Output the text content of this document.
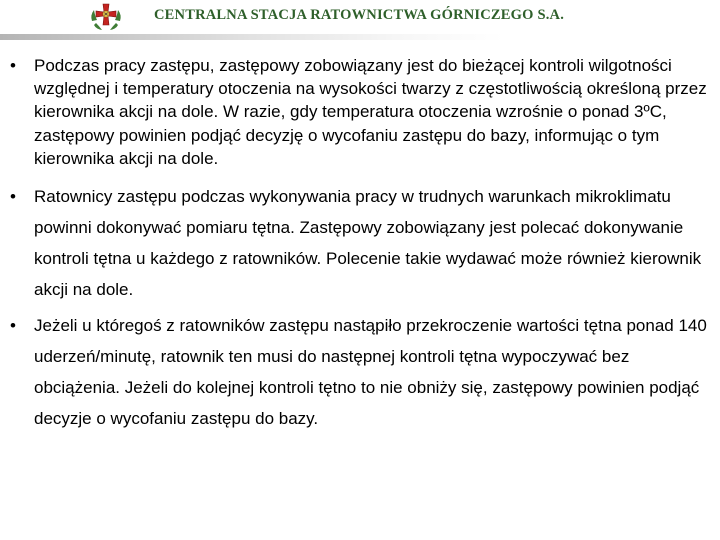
CENTRALNA STACJA RATOWNICTWA GÓRNICZEGO S.A.
• Podczas pracy zastępu, zastępowy zobowiązany jest do bieżącej kontroli wilgotności względnej i temperatury otoczenia na wysokości twarzy z częstotliwością określoną przez kierownika akcji na dole. W razie, gdy temperatura otoczenia wzrośnie o ponad 3ºC, zastępowy powinien podjąć decyzję o wycofaniu zastępu do bazy, informując o tym kierownika akcji na dole.
• Ratownicy zastępu podczas wykonywania pracy w trudnych warunkach mikroklimatu powinni dokonywać pomiaru tętna. Zastępowy zobowiązany jest polecać dokonywanie kontroli tętna u każdego z ratowników. Polecenie takie wydawać może również kierownik akcji na dole.
• Jeżeli u któregoś z ratowników zastępu nastąpiło przekroczenie wartości tętna ponad 140 uderzeń/minutę, ratownik ten musi do następnej kontroli tętna wypoczywać bez obciążenia. Jeżeli do kolejnej kontroli tętno to nie obniży się, zastępowy powinien podjąć decyzje o wycofaniu zastępu do bazy.
